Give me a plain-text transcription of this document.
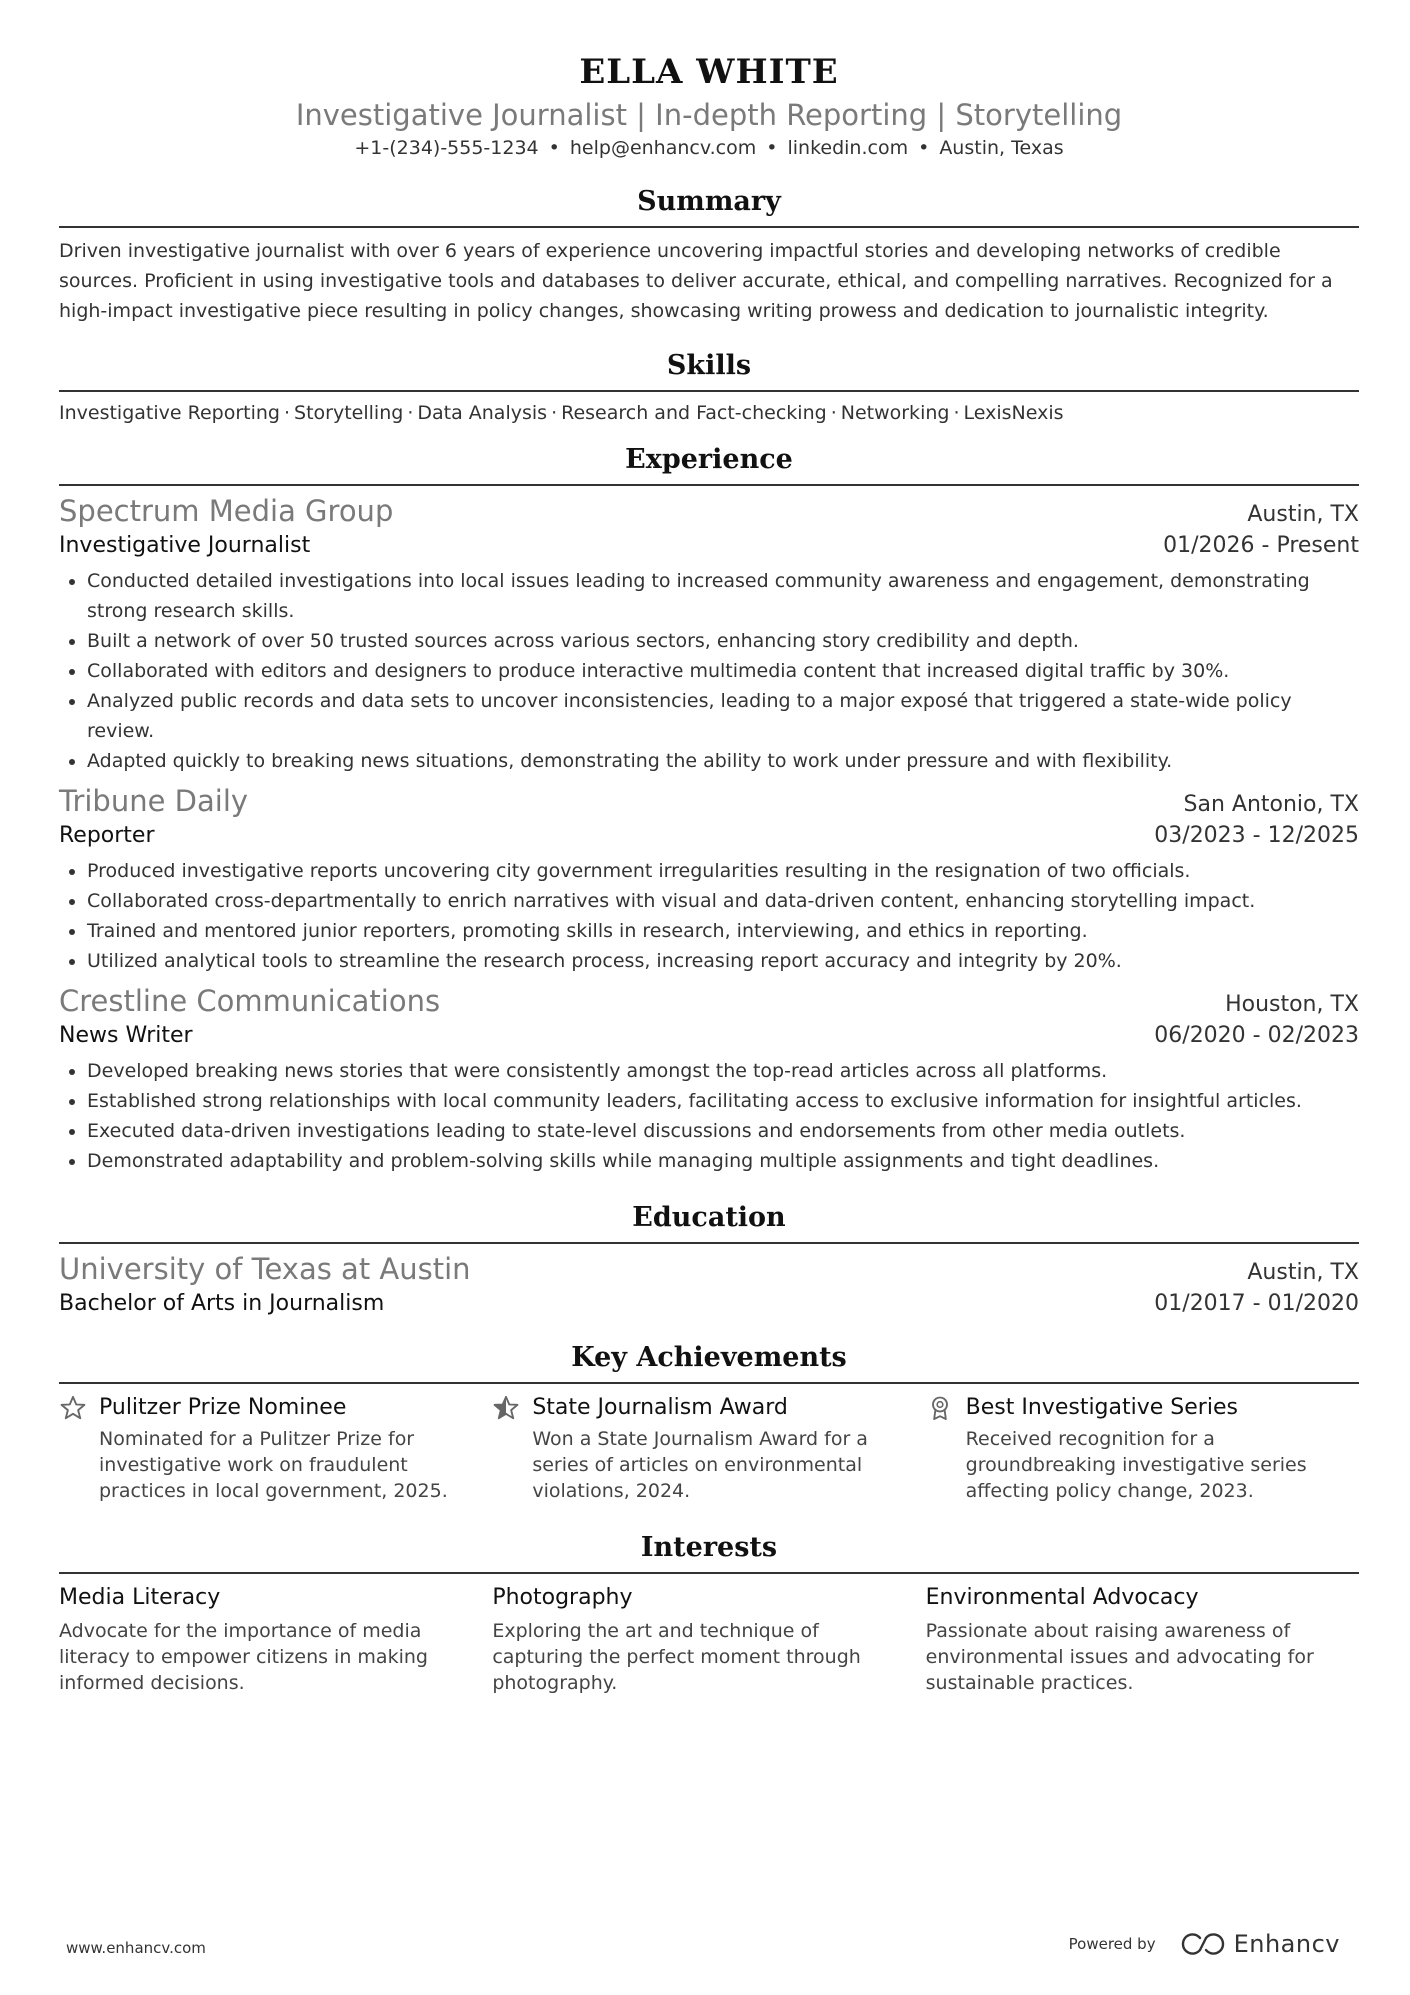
ELLA WHITE
Investigative Journalist | In-depth Reporting | Storytelling
+1-(234)-555-1234 • help@enhancv.com • linkedin.com • Austin, Texas
Summary
Driven investigative journalist with over 6 years of experience uncovering impactful stories and developing networks of credible sources. Proficient in using investigative tools and databases to deliver accurate, ethical, and compelling narratives. Recognized for a high-impact investigative piece resulting in policy changes, showcasing writing prowess and dedication to journalistic integrity.
Skills
Investigative Reporting · Storytelling · Data Analysis · Research and Fact-checking · Networking · LexisNexis
Experience
Spectrum Media Group	Austin, TX
Investigative Journalist	01/2026 - Present
• Conducted detailed investigations into local issues leading to increased community awareness and engagement, demonstrating strong research skills.
• Built a network of over 50 trusted sources across various sectors, enhancing story credibility and depth.
• Collaborated with editors and designers to produce interactive multimedia content that increased digital traffic by 30%.
• Analyzed public records and data sets to uncover inconsistencies, leading to a major exposé that triggered a state-wide policy review.
• Adapted quickly to breaking news situations, demonstrating the ability to work under pressure and with flexibility.
Tribune Daily	San Antonio, TX
Reporter	03/2023 - 12/2025
• Produced investigative reports uncovering city government irregularities resulting in the resignation of two officials.
• Collaborated cross-departmentally to enrich narratives with visual and data-driven content, enhancing storytelling impact.
• Trained and mentored junior reporters, promoting skills in research, interviewing, and ethics in reporting.
• Utilized analytical tools to streamline the research process, increasing report accuracy and integrity by 20%.
Crestline Communications	Houston, TX
News Writer	06/2020 - 02/2023
• Developed breaking news stories that were consistently amongst the top-read articles across all platforms.
• Established strong relationships with local community leaders, facilitating access to exclusive information for insightful articles.
• Executed data-driven investigations leading to state-level discussions and endorsements from other media outlets.
• Demonstrated adaptability and problem-solving skills while managing multiple assignments and tight deadlines.
Education
University of Texas at Austin	Austin, TX
Bachelor of Arts in Journalism	01/2017 - 01/2020
Key Achievements
Pulitzer Prize Nominee
Nominated for a Pulitzer Prize for investigative work on fraudulent practices in local government, 2025.
State Journalism Award
Won a State Journalism Award for a series of articles on environmental violations, 2024.
Best Investigative Series
Received recognition for a groundbreaking investigative series affecting policy change, 2023.
Interests
Media Literacy
Advocate for the importance of media literacy to empower citizens in making informed decisions.
Photography
Exploring the art and technique of capturing the perfect moment through photography.
Environmental Advocacy
Passionate about raising awareness of environmental issues and advocating for sustainable practices.
www.enhancv.com	Powered by	Enhancv
